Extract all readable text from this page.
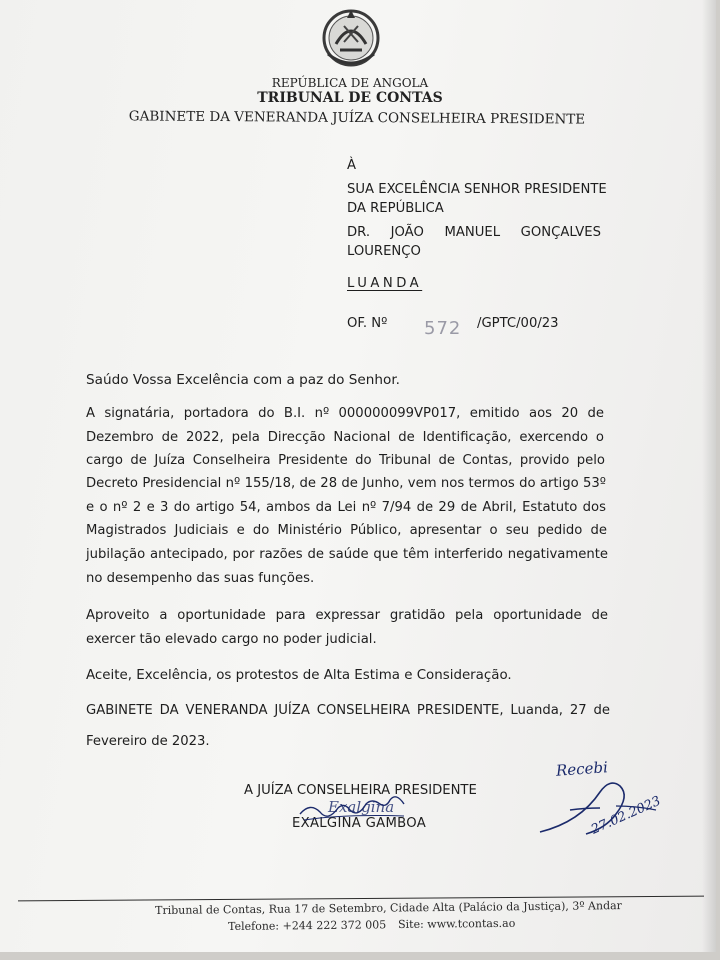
REPÚBLICA DE ANGOLA
TRIBUNAL DE CONTAS
GABINETE DA VENERANDA JUÍZA CONSELHEIRA PRESIDENTE
À
SUA EXCELÊNCIA SENHOR PRESIDENTE
DA REPÚBLICA
DR. JOÃO MANUEL GONÇALVES
LOURENÇO
LUANDA
OF. Nº 572 /GPTC/00/23
Saúdo Vossa Excelência com a paz do Senhor.
A signatária, portadora do B.I. nº 000000099VP017, emitido aos 20 de
Dezembro de 2022, pela Direcção Nacional de Identificação, exercendo o
cargo de Juíza Conselheira Presidente do Tribunal de Contas, provido pelo
Decreto Presidencial nº 155/18, de 28 de Junho, vem nos termos do artigo 53º
e o nº 2 e 3 do artigo 54, ambos da Lei nº 7/94 de 29 de Abril, Estatuto dos
Magistrados Judiciais e do Ministério Público, apresentar o seu pedido de
jubilação antecipado, por razões de saúde que têm interferido negativamente
no desempenho das suas funções.
Aproveito a oportunidade para expressar gratidão pela oportunidade de
exercer tão elevado cargo no poder judicial.
Aceite, Excelência, os protestos de Alta Estima e Consideração.
GABINETE DA VENERANDA JUÍZA CONSELHEIRA PRESIDENTE, Luanda, 27 de
Fevereiro de 2023.
A JUÍZA CONSELHEIRA PRESIDENTE
EXALGINA GAMBOA
Exalgina
Recebi
27.02.2023
Tribunal de Contas, Rua 17 de Setembro, Cidade Alta (Palácio da Justiça), 3º Andar
Telefone: +244 222 372 005 Site: www.tcontas.ao
